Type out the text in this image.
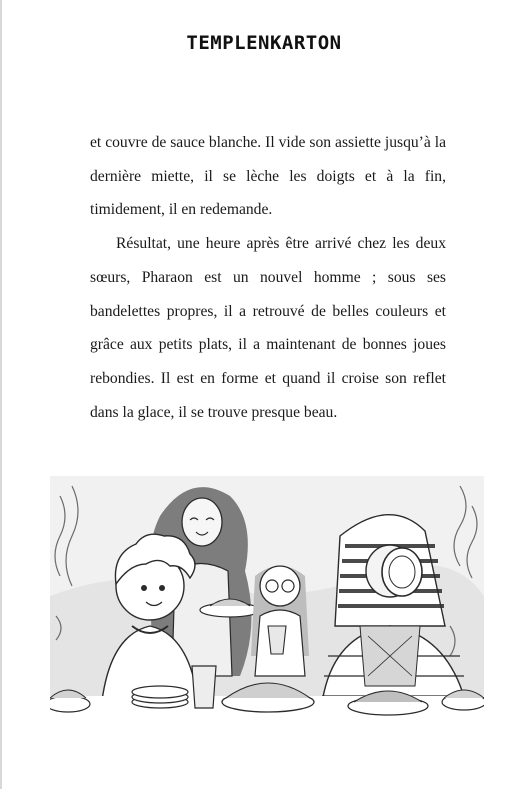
TEMPLENKARTON

et couvre de sauce blanche. Il vide son assiette jusqu’à la dernière miette, il se lèche les doigts et à la fin, timidement, il en redemande.

Résultat, une heure après être arrivé chez les deux sœurs, Pharaon est un nouvel homme ; sous ses bandelettes propres, il a retrouvé de belles couleurs et grâce aux petits plats, il a maintenant de bonnes joues rebondies. Il est en forme et quand il croise son reflet dans la glace, il se trouve presque beau.
